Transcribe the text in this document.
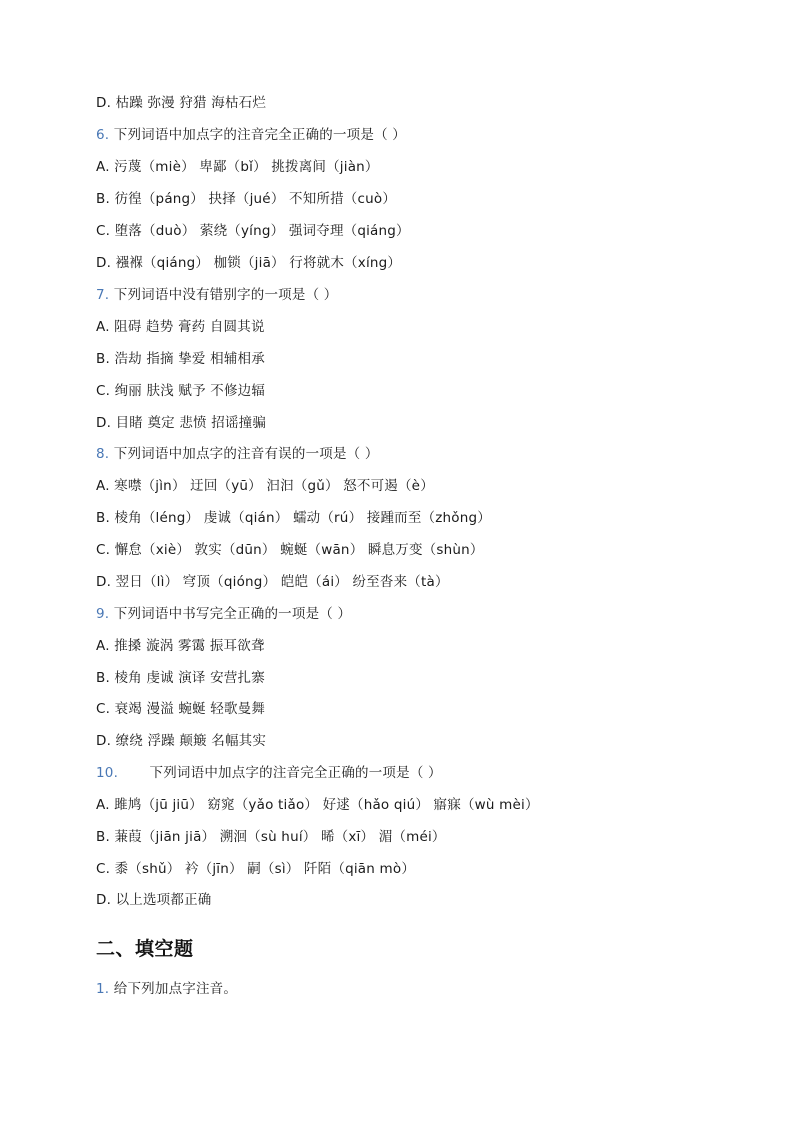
D. 枯躁 弥漫 狩猎 海枯石烂
6. 下列词语中加点字的注音完全正确的一项是（ ）
A. 污蔑（miè） 卑鄙（bǐ） 挑拨离间（jiàn）
B. 彷徨（páng） 抉择（jué） 不知所措（cuò）
C. 堕落（duò） 萦绕（yíng） 强词夺理（qiáng）
D. 襁褓（qiáng） 枷锁（jiā） 行将就木（xíng）
7. 下列词语中没有错别字的一项是（ ）
A. 阻碍 趋势 膏药 自圆其说
B. 浩劫 指摘 挚爱 相辅相承
C. 绚丽 肤浅 赋予 不修边辐
D. 目睹 奠定 悲愤 招谣撞骗
8. 下列词语中加点字的注音有误的一项是（ ）
A. 寒噤（jìn） 迂回（yū） 汩汩（gǔ） 怒不可遏（è）
B. 棱角（léng） 虔诚（qián） 蠕动（rú） 接踵而至（zhǒng）
C. 懈怠（xiè） 敦实（dūn） 蜿蜒（wān） 瞬息万变（shùn）
D. 翌日（lì） 穹顶（qióng） 皑皑（ái） 纷至沓来（tà）
9. 下列词语中书写完全正确的一项是（ ）
A. 推搡 漩涡 雾霭 振耳欲聋
B. 棱角 虔诚 演译 安营扎寨
C. 衰竭 漫溢 蜿蜒 轻歌曼舞
D. 缭绕 浮躁 颠簸 名幅其实
10. 下列词语中加点字的注音完全正确的一项是（ ）
A. 雎鸠（jū jiū） 窈窕（yǎo tiǎo） 好逑（hǎo qiú） 寤寐（wù mèi）
B. 蒹葭（jiān jiā） 溯洄（sù huí） 晞（xī） 湄（méi）
C. 黍（shǔ） 衿（jīn） 嗣（sì） 阡陌（qiān mò）
D. 以上选项都正确
二、填空题
1. 给下列加点字注音。
